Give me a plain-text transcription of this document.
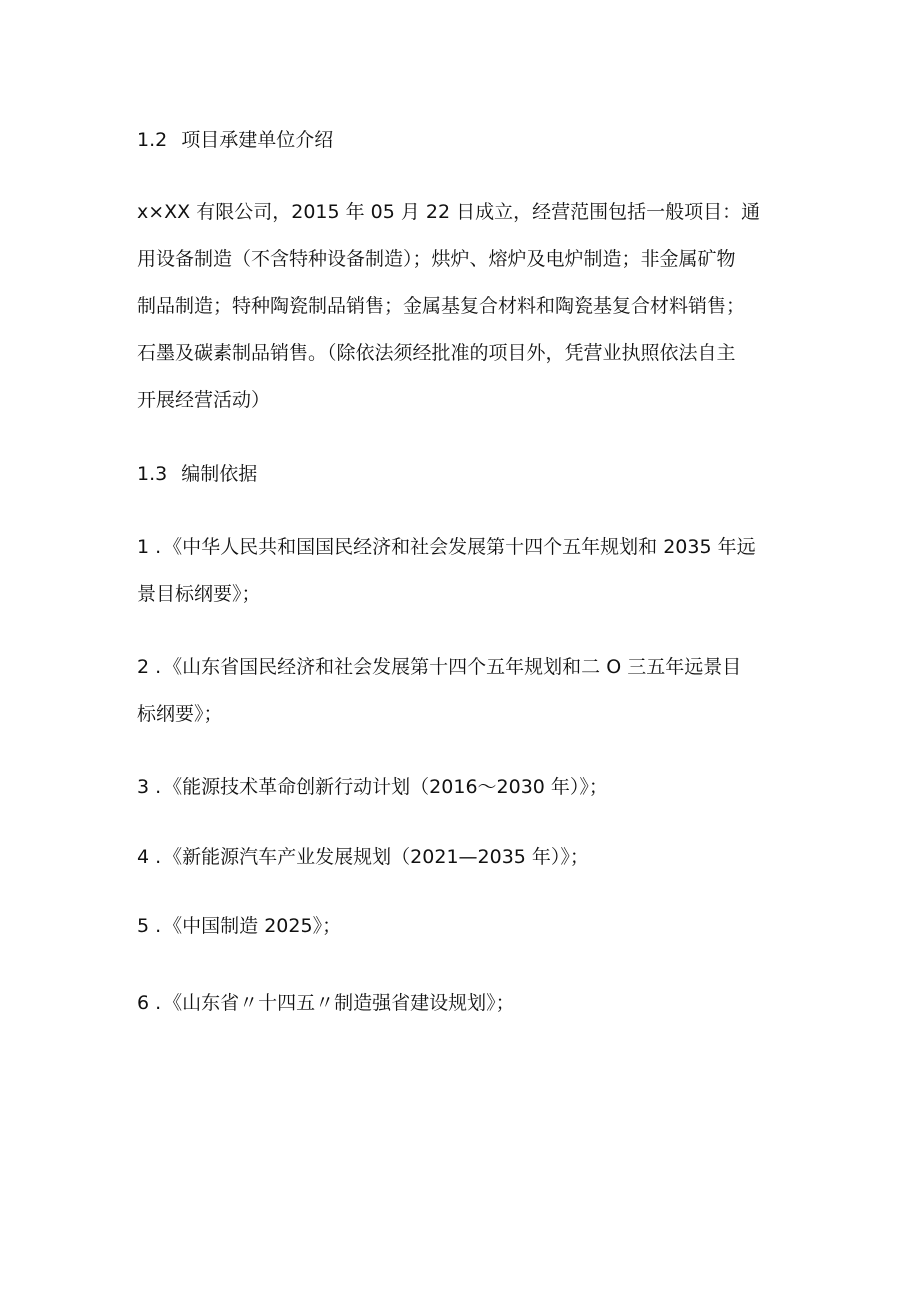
1.2 项目承建单位介绍
x×XX 有限公司，2015 年 05 月 22 日成立，经营范围包括一般项目：通
用设备制造（不含特种设备制造）；烘炉、熔炉及电炉制造；非金属矿物
制品制造；特种陶瓷制品销售；金属基复合材料和陶瓷基复合材料销售；
石墨及碳素制品销售。（除依法须经批准的项目外，凭营业执照依法自主
开展经营活动）
1.3 编制依据
1 . 《中华人民共和国国民经济和社会发展第十四个五年规划和 2035 年远
景目标纲要》；
2 . 《山东省国民经济和社会发展第十四个五年规划和二 O 三五年远景目
标纲要》；
3 . 《能源技术革命创新行动计划（2016～2030 年）》；
4 . 《新能源汽车产业发展规划（2021—2035 年）》；
5 . 《中国制造 2025》；
6 . 《山东省〃十四五〃制造强省建设规划》；
